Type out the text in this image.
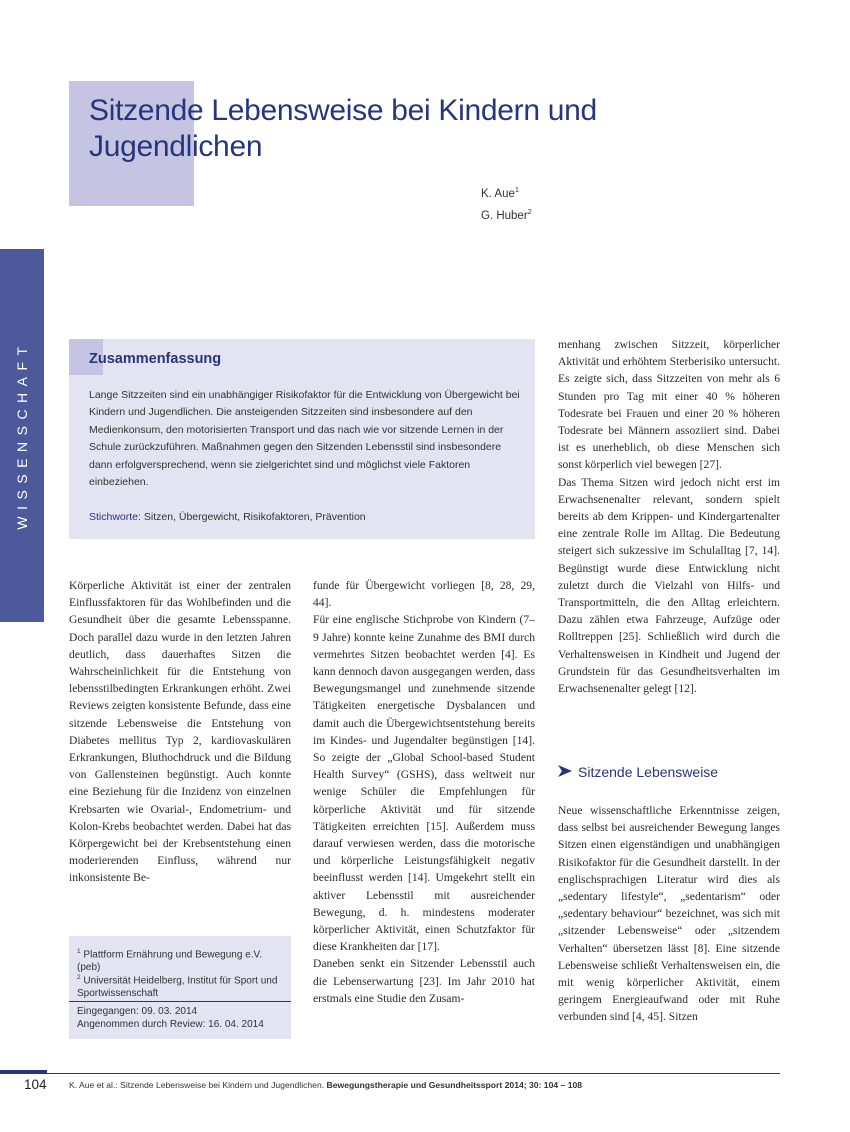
Sitzende Lebensweise bei Kindern und Jugendlichen
K. Aue$^1$
G. Huber$^2$
WISSENSCHAFT	Zusammenfassung

Lange Sitzzeiten sind ein unabhängiger Risikofaktor für die Entwicklung von Übergewicht bei Kindern und Jugendlichen. Die ansteigenden Sitzzeiten sind insbesondere auf den Medienkonsum, den motorisierten Transport und das nach wie vor sitzende Lernen in der Schule zurückzuführen. Maßnahmen gegen den Sitzenden Lebensstil sind insbesondere dann erfolgversprechend, wenn sie zielgerichtet sind und möglichst viele Faktoren einbeziehen.

Stichworte: Sitzen, Übergewicht, Risikofaktoren, Prävention

Körperliche Aktivität ist einer der zentralen Einflussfaktoren für das Wohlbefinden und die Gesundheit über die gesamte Lebensspanne. Doch parallel dazu wurde in den letzten Jahren deutlich, dass dauerhaftes Sitzen die Wahrscheinlichkeit für die Entstehung von lebensstilbedingten Erkrankungen erhöht. Zwei Reviews zeigten konsistente Befunde, dass eine sitzende Lebensweise die Entstehung von Diabetes mellitus Typ 2, kardiovaskulären Erkrankungen, Bluthochdruck und die Bildung von Gallensteinen begünstigt. Auch konnte eine Beziehung für die Inzidenz von einzelnen Krebsarten wie Ovarial-, Endometrium- und Kolon-Krebs beobachtet werden. Dabei hat das Körpergewicht bei der Krebsentstehung einen moderierenden Einfluss, während nur inkonsistente Be-

funde für Übergewicht vorliegen [8, 28, 29, 44].

Für eine englische Stichprobe von Kindern (7–9 Jahre) konnte keine Zunahme des BMI durch vermehrtes Sitzen beobachtet werden [4]. Es kann dennoch davon ausgegangen werden, dass Bewegungsmangel und zunehmende sitzende Tätigkeiten energetische Dysbalancen und damit auch die Übergewichtsentstehung bereits im Kindes- und Jugendalter begünstigen [14]. So zeigte der „Global School-based Student Health Survey“ (GSHS), dass weltweit nur wenige Schüler die Empfehlungen für körperliche Aktivität und für sitzende Tätigkeiten erreichten [15]. Außerdem muss darauf verwiesen werden, dass die motorische und körperliche Leistungsfähigkeit negativ beeinflusst werden [14]. Umgekehrt stellt ein aktiver Lebensstil mit ausreichender Bewegung, d. h. mindestens moderater körperlicher Aktivität, einen Schutzfaktor für diese Krankheiten dar [17].

Daneben senkt ein Sitzender Lebensstil auch die Lebenserwartung [23]. Im Jahr 2010 hat erstmals eine Studie den Zusam-

menhang zwischen Sitzzeit, körperlicher Aktivität und erhöhtem Sterberisiko untersucht. Es zeigte sich, dass Sitzzeiten von mehr als 6 Stunden pro Tag mit einer 40 % höheren Todesrate bei Frauen und einer 20 % höheren Todesrate bei Männern assoziiert sind. Dabei ist es unerheblich, ob diese Menschen sich sonst körperlich viel bewegen [27].

Das Thema Sitzen wird jedoch nicht erst im Erwachsenenalter relevant, sondern spielt bereits ab dem Krippen- und Kindergartenalter eine zentrale Rolle im Alltag. Die Bedeutung steigert sich sukzessive im Schulalltag [7, 14]. Begünstigt wurde diese Entwicklung nicht zuletzt durch die Vielzahl von Hilfs- und Transportmitteln, die den Alltag erleichtern. Dazu zählen etwa Fahrzeuge, Aufzüge oder Rolltreppen [25]. Schließlich wird durch die Verhaltensweisen in Kindheit und Jugend der Grundstein für das Gesundheitsverhalten im Erwachsenenalter gelegt [12].

Sitzende Lebensweise

Neue wissenschaftliche Erkenntnisse zeigen, dass selbst bei ausreichender Bewegung langes Sitzen einen eigenständigen und unabhängigen Risikofaktor für die Gesundheit darstellt. In der englischsprachigen Literatur wird dies als „sedentary lifestyle“, „sedentarism“ oder „sedentary behaviour“ bezeichnet, was sich mit „sitzender Lebensweise“ oder „sitzendem Verhalten“ übersetzen lässt [8]. Eine sitzende Lebensweise schließt Verhaltensweisen ein, die mit wenig körperlicher Aktivität, einem geringem Energieaufwand oder mit Ruhe verbunden sind [4, 45]. Sitzen

$^1$ Plattform Ernährung und Bewegung e.V. (peb)
$^2$ Universität Heidelberg, Institut für Sport und Sportwissenschaft
Eingegangen: 09. 03. 2014
Angenommen durch Review: 16. 04. 2014
104	K. Aue et al.: Sitzende Lebensweise bei Kindern und Jugendlichen. Bewegungstherapie und Gesundheitssport 2014; 30: 104 – 108
